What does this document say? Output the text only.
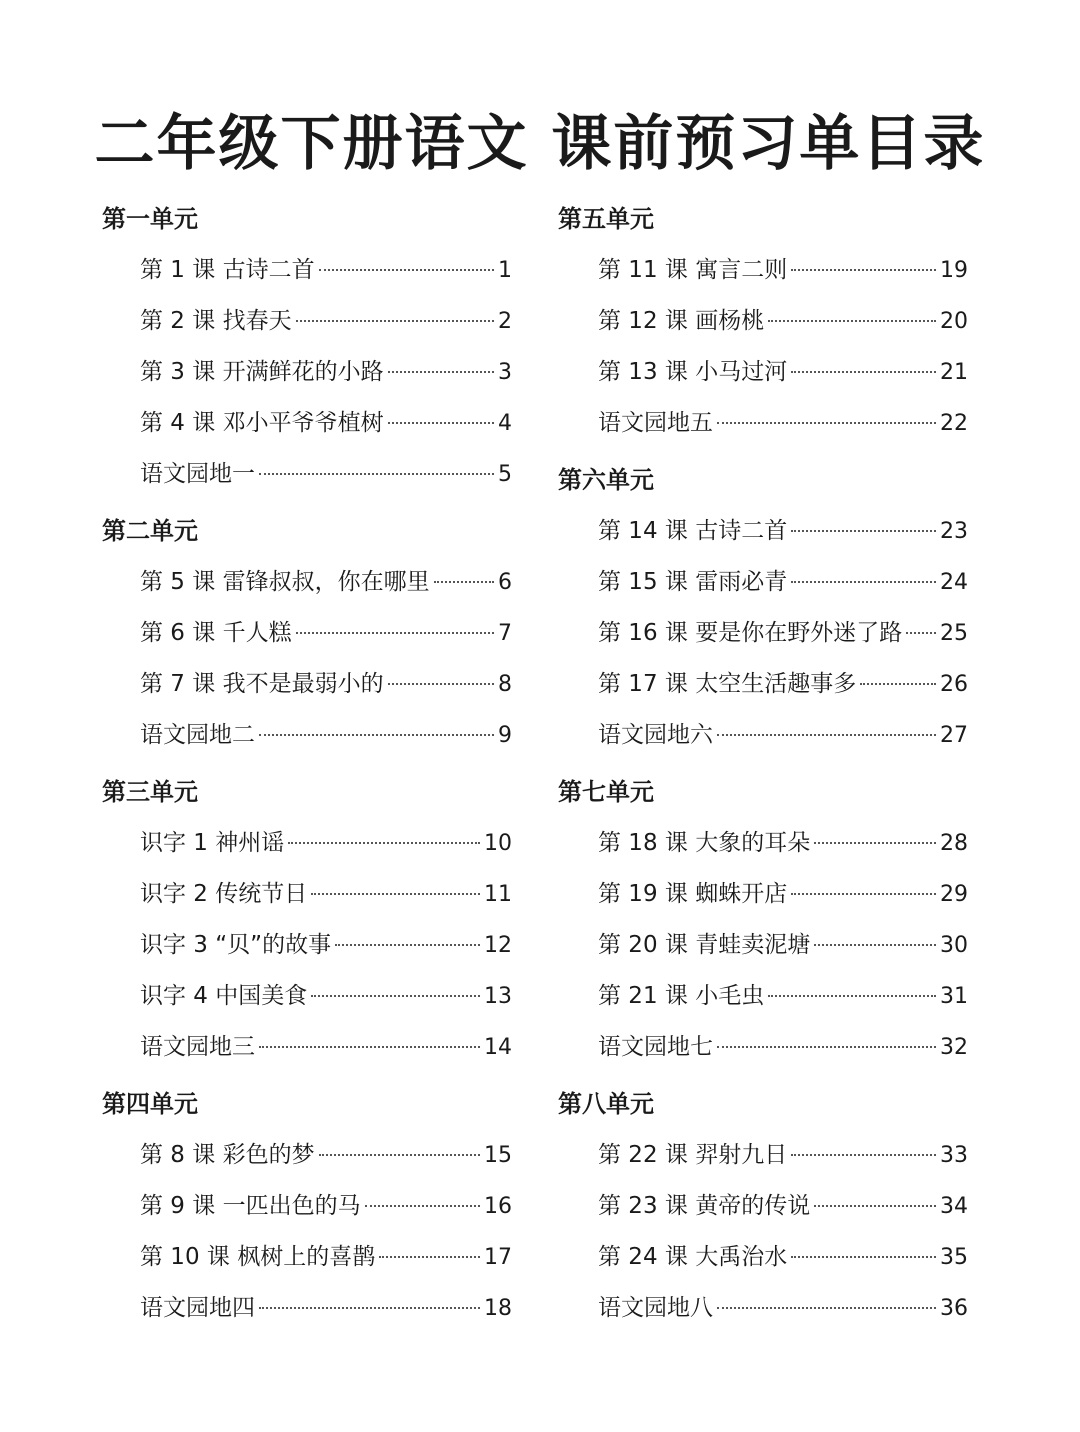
二年级下册语文 课前预习单目录
第一单元
第 1 课 古诗二首	1
第 2 课 找春天	2
第 3 课 开满鲜花的小路	3
第 4 课 邓小平爷爷植树	4
语文园地一	5
第二单元
第 5 课 雷锋叔叔，你在哪里	6
第 6 课 千人糕	7
第 7 课 我不是最弱小的	8
语文园地二	9
第三单元
识字 1 神州谣	10
识字 2 传统节日	11
识字 3 “贝”的故事	12
识字 4 中国美食	13
语文园地三	14
第四单元
第 8 课 彩色的梦	15
第 9 课 一匹出色的马	16
第 10 课 枫树上的喜鹊	17
语文园地四	18
第五单元
第 11 课 寓言二则	19
第 12 课 画杨桃	20
第 13 课 小马过河	21
语文园地五	22
第六单元
第 14 课 古诗二首	23
第 15 课 雷雨必青	24
第 16 课 要是你在野外迷了路 25
第 17 课 太空生活趣事多	26
语文园地六	27
第七单元
第 18 课 大象的耳朵	28
第 19 课 蜘蛛开店	29
第 20 课 青蛙卖泥塘	30
第 21 课 小毛虫	31
语文园地七	32
第八单元
第 22 课 羿射九日	33
第 23 课 黄帝的传说	34
第 24 课 大禹治水	35
语文园地八	36
